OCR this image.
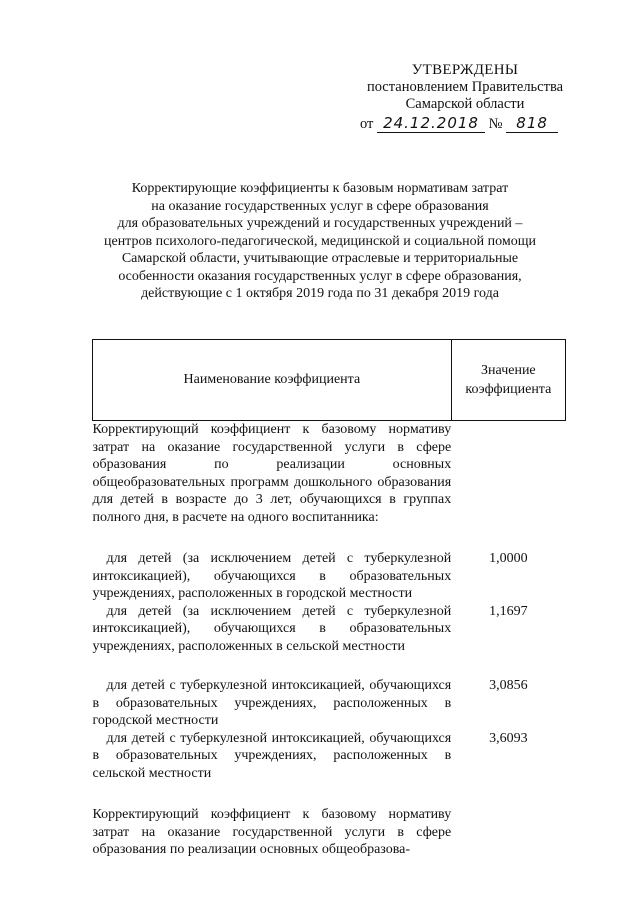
УТВЕРЖДЕНЫ
постановлением Правительства
Самарской области
от 24.12.2018 № 818
Корректирующие коэффициенты к базовым нормативам затрат
на оказание государственных услуг в сфере образования
для образовательных учреждений и государственных учреждений –
центров психолого-педагогической, медицинской и социальной помощи
Самарской области, учитывающие отраслевые и территориальные
особенности оказания государственных услуг в сфере образования,
действующие с 1 октября 2019 года по 31 декабря 2019 года
Наименование коэффициента	Значение коэффициента
Корректирующий коэффициент к базовому нормативу затрат на оказание государственной услуги в сфере образования по реализации основных общеобразовательных программ дошкольного образования для детей в возрасте до 3 лет, обучающихся в группах полного дня, в расчете на одного воспитанника:	

для детей (за исключением детей с туберкулезной интоксикацией), обучающихся в образовательных учреждениях, расположенных в городской местности	1,0000
для детей (за исключением детей с туберкулезной интоксикацией), обучающихся в образовательных учреждениях, расположенных в сельской местности	1,1697

для детей с туберкулезной интоксикацией, обучающихся в образовательных учреждениях, расположенных в городской местности	3,0856
для детей с туберкулезной интоксикацией, обучающихся в образовательных учреждениях, расположенных в сельской местности	3,6093

Корректирующий коэффициент к базовому нормативу затрат на оказание государственной услуги в сфере образования по реализации основных общеобразова-	
